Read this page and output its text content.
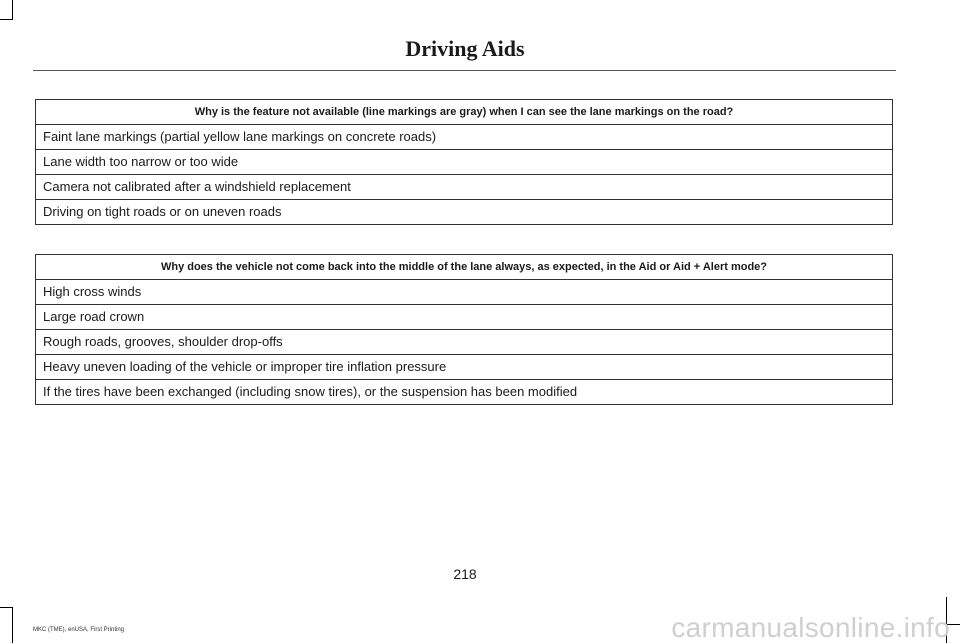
Driving Aids
Why is the feature not available (line markings are gray) when I can see the lane markings on the road?
Faint lane markings (partial yellow lane markings on concrete roads)
Lane width too narrow or too wide
Camera not calibrated after a windshield replacement
Driving on tight roads or on uneven roads
Why does the vehicle not come back into the middle of the lane always, as expected, in the Aid or Aid + Alert mode?
High cross winds
Large road crown
Rough roads, grooves, shoulder drop-offs
Heavy uneven loading of the vehicle or improper tire inflation pressure
If the tires have been exchanged (including snow tires), or the suspension has been modified
218
MKC (TME), enUSA, First Printing	carmanualsonline.info
